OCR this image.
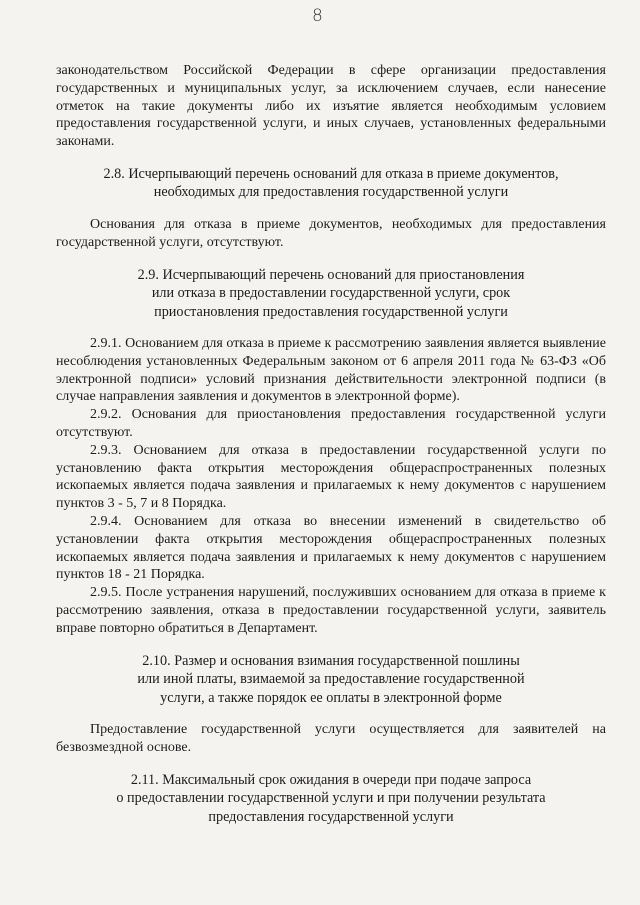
8

законодательством Российской Федерации в сфере организации предоставления государственных и муниципальных услуг, за исключением случаев, если нанесение отметок на такие документы либо их изъятие является необходимым условием предоставления государственной услуги, и иных случаев, установленных федеральными законами.

2.8. Исчерпывающий перечень оснований для отказа в приеме документов,
необходимых для предоставления государственной услуги

Основания для отказа в приеме документов, необходимых для предоставления государственной услуги, отсутствуют.

2.9. Исчерпывающий перечень оснований для приостановления
или отказа в предоставлении государственной услуги, срок
приостановления предоставления государственной услуги

2.9.1. Основанием для отказа в приеме к рассмотрению заявления является выявление несоблюдения установленных Федеральным законом от 6 апреля 2011 года № 63-ФЗ «Об электронной подписи» условий признания действительности электронной подписи (в случае направления заявления и документов в электронной форме).

2.9.2. Основания для приостановления предоставления государственной услуги отсутствуют.

2.9.3. Основанием для отказа в предоставлении государственной услуги по установлению факта открытия месторождения общераспространенных полезных ископаемых является подача заявления и прилагаемых к нему документов с нарушением пунктов 3 - 5, 7 и 8 Порядка.

2.9.4. Основанием для отказа во внесении изменений в свидетельство об установлении факта открытия месторождения общераспространенных полезных ископаемых является подача заявления и прилагаемых к нему документов с нарушением пунктов 18 - 21 Порядка.

2.9.5. После устранения нарушений, послуживших основанием для отказа в приеме к рассмотрению заявления, отказа в предоставлении государственной услуги, заявитель вправе повторно обратиться в Департамент.

2.10. Размер и основания взимания государственной пошлины
или иной платы, взимаемой за предоставление государственной
услуги, а также порядок ее оплаты в электронной форме

Предоставление государственной услуги осуществляется для заявителей на безвозмездной основе.

2.11. Максимальный срок ожидания в очереди при подаче запроса
о предоставлении государственной услуги и при получении результата
предоставления государственной услуги
